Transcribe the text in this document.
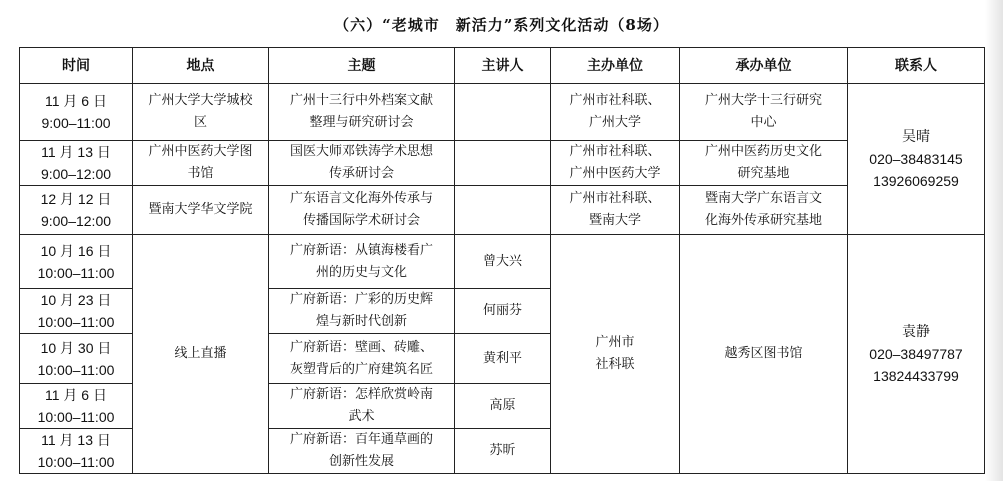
（六）“老城市　新活力”系列文化活动（8场）
时间	地点	主题	主讲人	主办单位	承办单位	联系人

11 月 6 日
9:00–11:00	广州大学大学城校
区	广州十三行中外档案文献
整理与研究研讨会		广州市社科联、
广州大学	广州大学十三行研究
中心	吴晴
020–38483145
13926069259

11 月 13 日
9:00–12:00	广州中医药大学图
书馆	国医大师邓铁涛学术思想
传承研讨会		广州市社科联、
广州中医药大学	广州中医药历史文化
研究基地	

12 月 12 日
9:00–12:00	暨南大学华文学院	广东语言文化海外传承与
传播国际学术研讨会		广州市社科联、
暨南大学	暨南大学广东语言文
化海外传承研究基地	

10 月 16 日
10:00–11:00	线上直播	广府新语：从镇海楼看广
州的历史与文化	曾大兴	广州市
社科联	越秀区图书馆	袁静
020–38497787
13824433799

10 月 23 日
10:00–11:00		广府新语：广彩的历史辉
煌与新时代创新	何丽芬			

10 月 30 日
10:00–11:00		广府新语：壁画、砖雕、
灰塑背后的广府建筑名匠	黄利平			

11 月 6 日
10:00–11:00		广府新语：怎样欣赏岭南
武术	高原			

11 月 13 日
10:00–11:00		广府新语：百年通草画的
创新性发展	苏昕			
